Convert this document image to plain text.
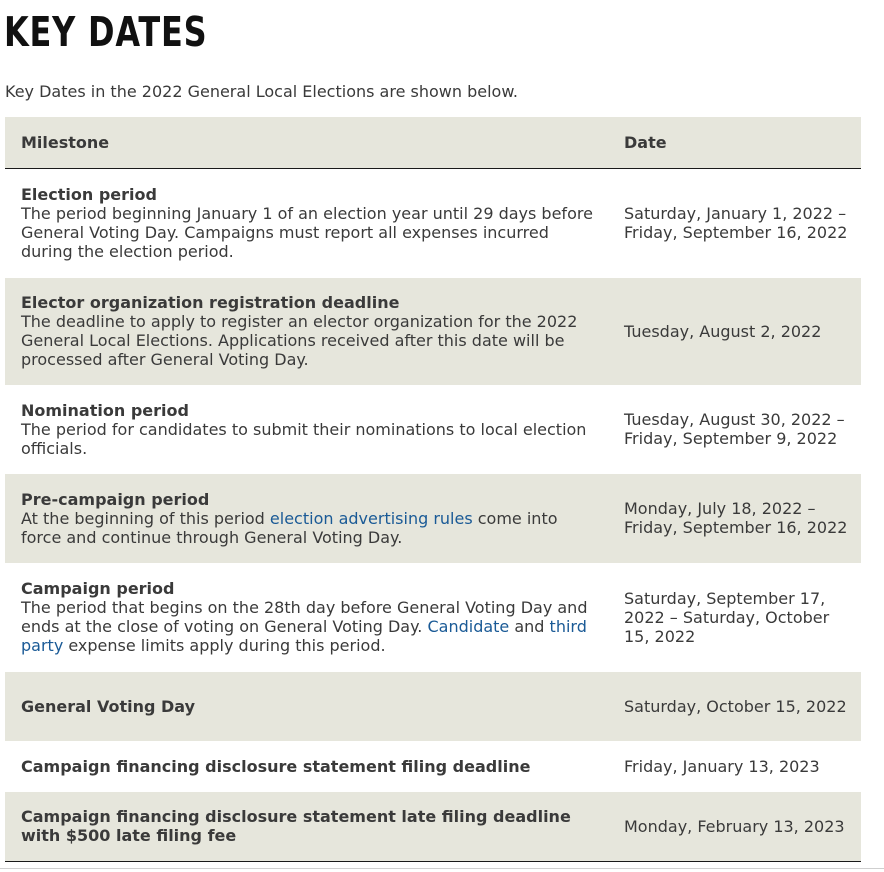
KEY DATES

Key Dates in the 2022 General Local Elections are shown below.

Milestone	Date

Election period
The period beginning January 1 of an election year until 29 days before General Voting Day. Campaigns must report all expenses incurred during the election period.	Saturday, January 1, 2022 – Friday, September 16, 2022

Elector organization registration deadline
The deadline to apply to register an elector organization for the 2022 General Local Elections. Applications received after this date will be processed after General Voting Day.	Tuesday, August 2, 2022

Nomination period
The period for candidates to submit their nominations to local election officials.	Tuesday, August 30, 2022 – Friday, September 9, 2022

Pre-campaign period
At the beginning of this period election advertising rules come into force and continue through General Voting Day.	Monday, July 18, 2022 – Friday, September 16, 2022

Campaign period
The period that begins on the 28th day before General Voting Day and ends at the close of voting on General Voting Day. Candidate and third party expense limits apply during this period.	Saturday, September 17, 2022 – Saturday, October 15, 2022

General Voting Day	Saturday, October 15, 2022

Campaign financing disclosure statement filing deadline	Friday, January 13, 2023

Campaign financing disclosure statement late filing deadline with $500 late filing fee	Monday, February 13, 2023
